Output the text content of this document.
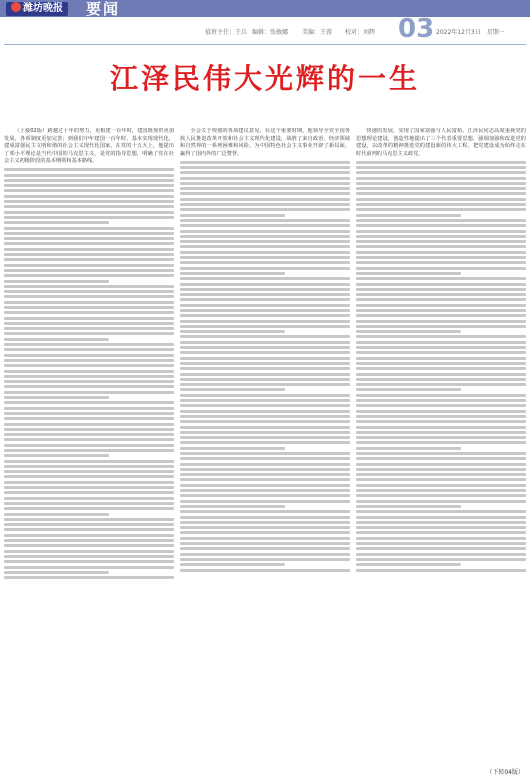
潍坊晚报	要闻
值班主任：王兵 编辑：张敏娜 美编：王蓉 校对：刘辉 03 2022年12月3日　星期一
江泽民伟大光辉的一生

（上接02版）跨越过十年的努力，更根建一百年时，建国既现供更加发展，各项制度更加完善；到我们中年建国一百年时，基本实现现代化，建成富强民主文明和谐的社会主义现代化国家。在党的十五大上，他提出了邓小平理论是当代中国的马克思主义，是党的指导思想，明确了党在社会主义初级阶段的基本纲领和基本路线。

全会关于规划的各项建议意见，在这个重要时期，他领导全党全国各族人民推进改革开放和社会主义现代化建设，战胜了来自政治、经济领域和自然界的一系列困难和风险，为中国特色社会主义事业开辟了新局面，赢得了国内外的广泛赞誉。

快速的发展，实现了国家富强与人民富裕。江泽民同志高度重视党的思想理论建设，创造性地提出了三个代表重要思想，强调加强和改进党的建设，以改革的精神推进党的建设新的伟大工程，把党建设成为始终走在时代前列的马克思主义政党。

（下转04版）
